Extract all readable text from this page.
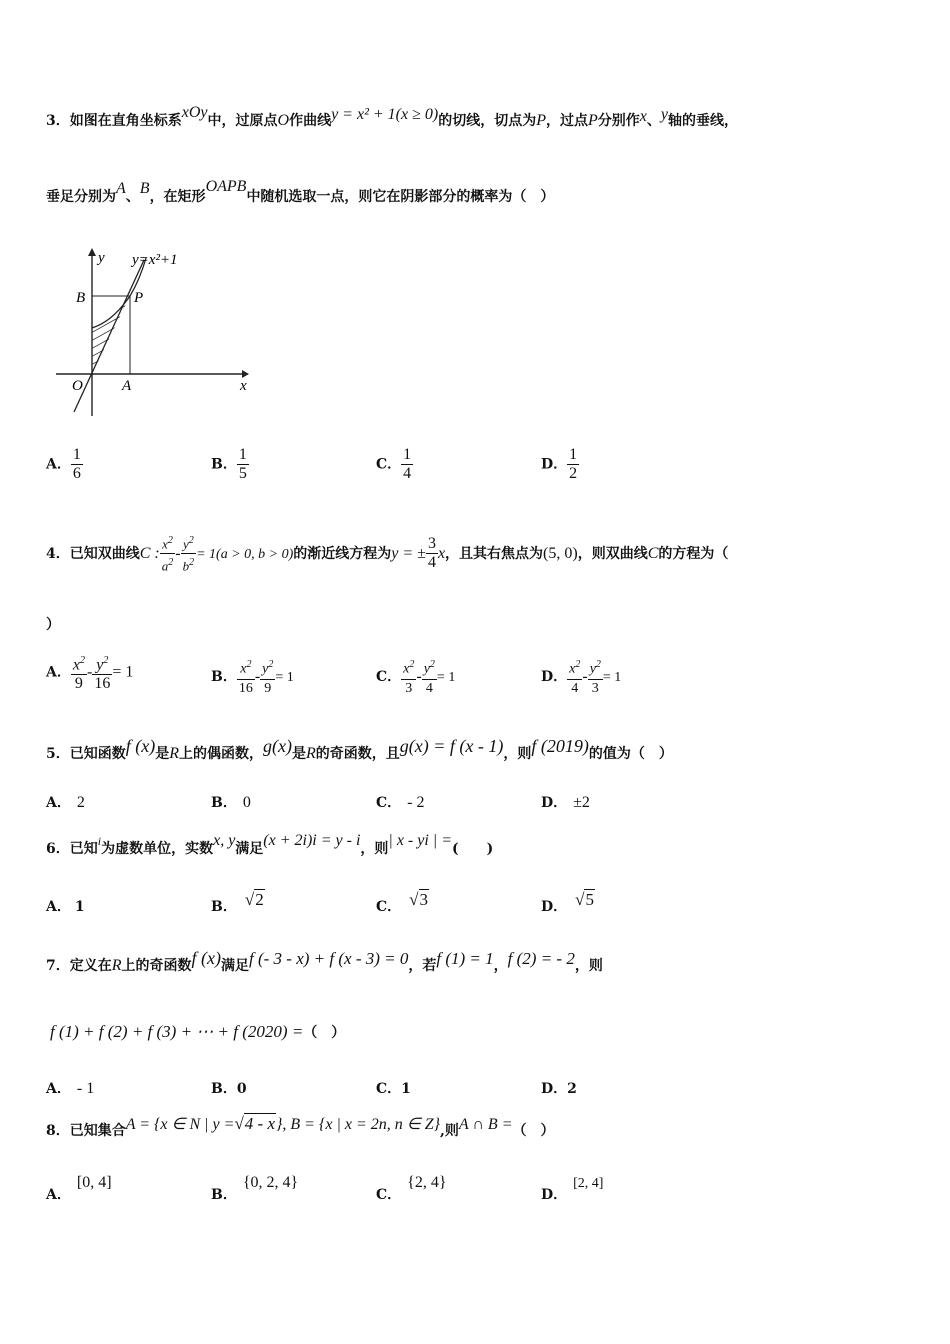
3．如图在直角坐标系xOy中，过原点O作曲线y = x² + 1(x ≥ 0)的切线，切点为P，过点P分别作x、y轴的垂线，
垂足分别为A、B，在矩形OAPB中随机选取一点，则它在阴影部分的概率为（　）
y
x
y=x²+1
B	P
O	A
A． $\frac{1}{6}$	B． $\frac{1}{5}$	C． $\frac{1}{4}$	D． $\frac{1}{2}$
4．已知双曲线C : $\frac{x^2}{a^2} - \frac{y^2}{b^2} = 1(a > 0$, b > 0)的渐近线方程为y = ± $\frac{3}{4}$ x，且其右焦点为(5, 0)，则双曲线C的方程为（
）
A． $\frac{x^2}{9} - \frac{y^2}{16} = 1$	B． $\frac{x^2}{16} - \frac{y^2}{9} = 1$	C． $\frac{x^2}{3} - \frac{y^2}{4} = 1$	D． $\frac{x^2}{4} - \frac{y^2}{3} = 1$
5．已知函数f (x)是R上的偶函数，g(x)是R的奇函数，且g(x) = f (x - 1)，则f (2019)的值为（　）
A． 2	B． 0	C． - 2	D． ±2
6．已知i为虚数单位，实数x, y满足(x + 2i)i = y - i，则| x - yi | =(　　)
A． 1	B． √2	C． √3	D． √5
7．定义在R上的奇函数f (x)满足f (- 3 - x) + f (x - 3) = 0，若f (1) = 1，f (2) = - 2，则
f (1) + f (2) + f (3) + ⋯ + f (2020) =（　）
A． - 1	B．0	C．1	D．2
8．已知集合A = {x ∈ N | y =√4 - x}, B = {x | x = 2n, n ∈ Z},则A ∩ B =（　）
A．[0, 4]
B．{0, 2, 4}
C．{2, 4}
D．[2, 4]
